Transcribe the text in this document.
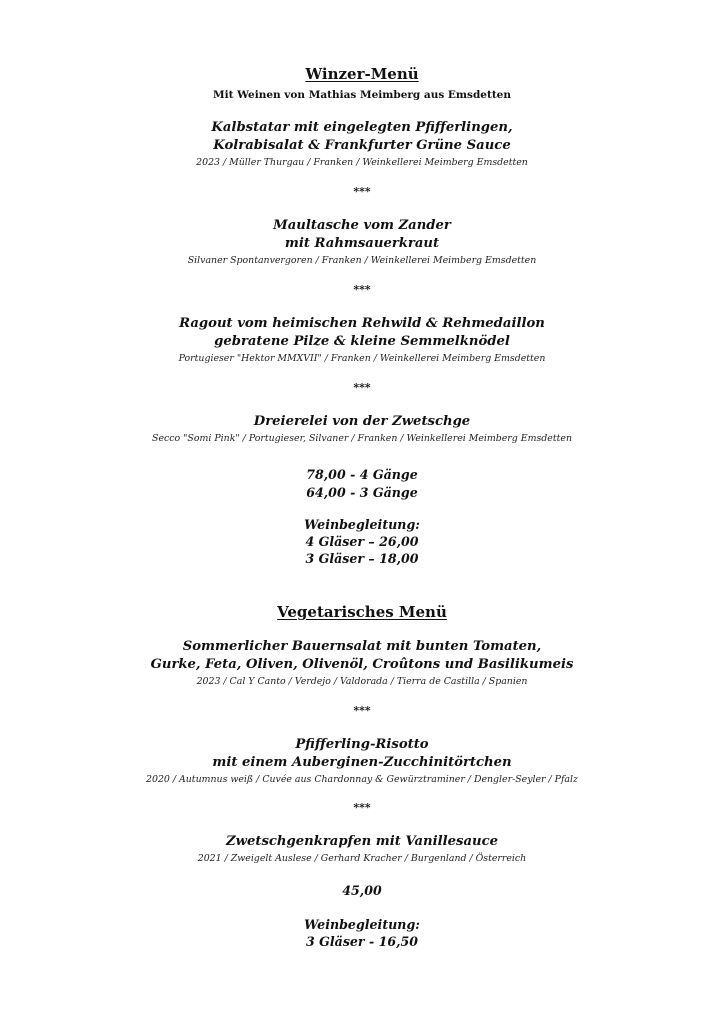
Winzer-Menü
Mit Weinen von Mathias Meimberg aus Emsdetten
Kalbstatar mit eingelegten Pfifferlingen,
Kolrabisalat & Frankfurter Grüne Sauce
2023 / Müller Thurgau / Franken / Weinkellerei Meimberg Emsdetten
***
Maultasche vom Zander
mit Rahmsauerkraut
Silvaner Spontanvergoren / Franken / Weinkellerei Meimberg Emsdetten
***
Ragout vom heimischen Rehwild & Rehmedaillon
gebratene Pilze & kleine Semmelknödel
Portugieser "Hektor MMXVII" / Franken / Weinkellerei Meimberg Emsdetten
***
Dreierelei von der Zwetschge
Secco "Somi Pink" / Portugieser, Silvaner / Franken / Weinkellerei Meimberg Emsdetten
78,00 - 4 Gänge
64,00 - 3 Gänge
Weinbegleitung:
4 Gläser – 26,00
3 Gläser – 18,00
Vegetarisches Menü
Sommerlicher Bauernsalat mit bunten Tomaten,
Gurke, Feta, Oliven, Olivenöl, Croûtons und Basilikumeis
2023 / Cal Y Canto / Verdejo / Valdorada / Tierra de Castilla / Spanien
***
Pfifferling-Risotto
mit einem Auberginen-Zucchinitörtchen
2020 / Autumnus weiß / Cuvée aus Chardonnay & Gewürztraminer / Dengler-Seyler / Pfalz
***
Zwetschgenkrapfen mit Vanillesauce
2021 / Zweigelt Auslese / Gerhard Kracher / Burgenland / Österreich
45,00
Weinbegleitung:
3 Gläser - 16,50
